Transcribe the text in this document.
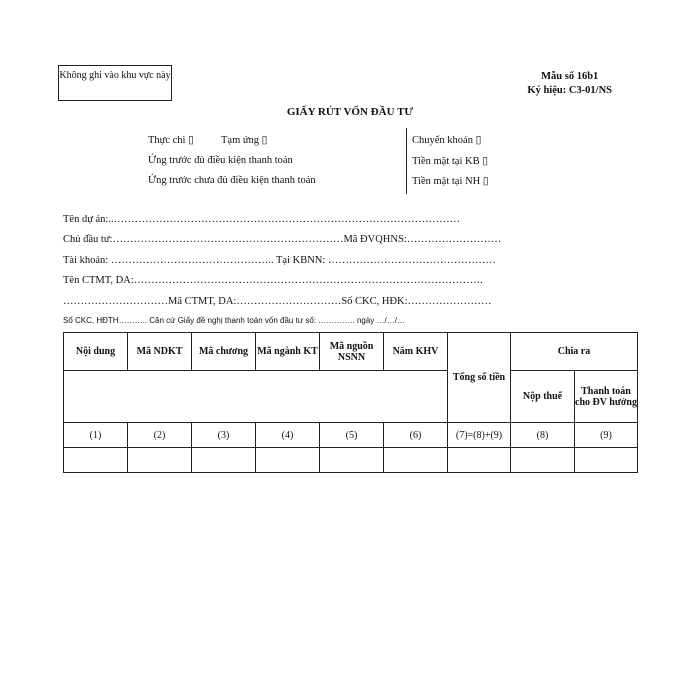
Không ghi vào khu vực này	Mẫu số 16b1
Ký hiệu: C3-01/NS
GIẤY RÚT VỐN ĐẦU TƯ
Thực chi ▯	Tạm ứng ▯
Ứng trước đủ điều kiện thanh toán
Ứng trước chưa đủ điều kiện thanh toán
Chuyển khoản ▯
Tiền mặt tại KB ▯
Tiền mặt tại NH ▯
Tên dự án:..………………………………………………………………………………………
Chủ đầu tư:…………………………………………………………Mã ĐVQHNS:………………………
Tài khoản: ……………………………………….. Tại KBNN: …………………………………………
Tên CTMT, DA:……………………………………………………………………………………….
…………………………Mã CTMT, DA:…………………………Số CKC, HĐK:……………………
Số CKC, HĐTH……….. Căn cứ Giấy đề nghị thanh toán vốn đầu tư số: ………….. ngày …/…/…
Nội dung	Mã NDKT	Mã chương	Mã ngành KT	Mã nguồn NSNN	Năm KHV	Tổng số tiền	Chia ra	
							Nộp thuế	Thanh toán cho ĐV hưởng
(1)	(2)	(3)	(4)	(5)	(6)	(7)=(8)+(9)	(8)	(9)
